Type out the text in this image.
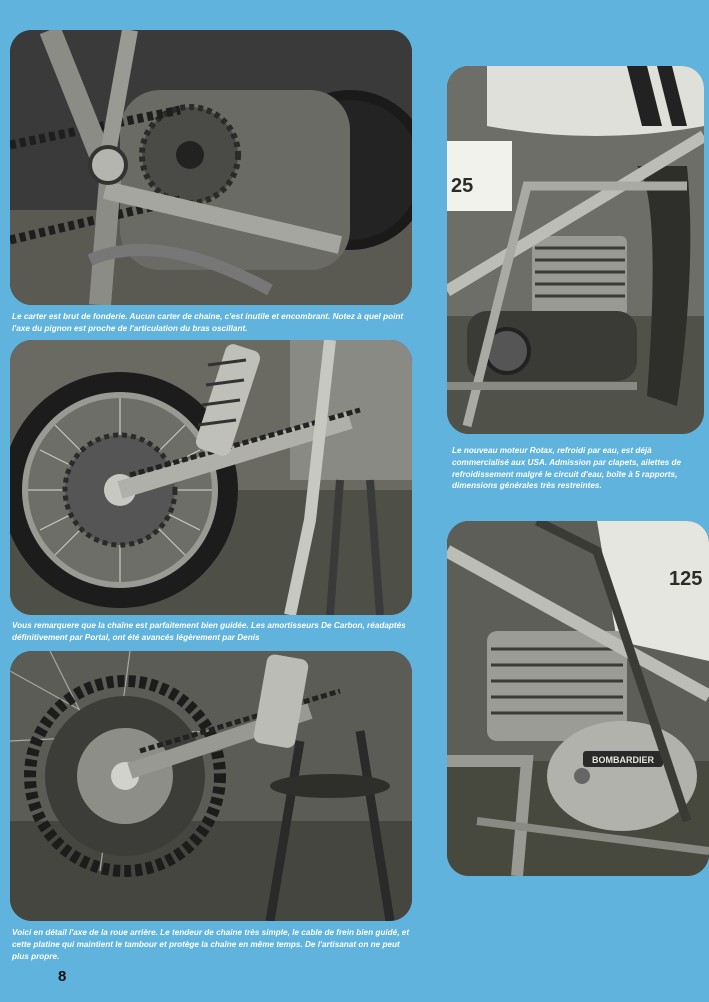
Le carter est brut de fonderie. Aucun carter de chaine, c'est inutile et encombrant. Notez à quel point l'axe du pignon est proche de l'articulation du bras oscillant.

Vous remarquere que la chaîne est parfaitement bien guidée. Les amortisseurs De Carbon, réadaptés définitivement par Portal, ont été avancés légèrement par Denis

Voici en détail l'axe de la roue arrière. Le tendeur de chaine très simple, le cable de frein bien guidé, et cette platine qui maintient le tambour et protège la chaîne en même temps. De l'artisanat on ne peut plus propre.

25

Le nouveau moteur Rotax, refroidi par eau, est déjà commercialisé aux USA. Admission par clapets, ailettes de refroidissement malgré le circuit d'eau, boîte à 5 rapports, dimensions générales très restreintes.

125
BOMBARDIER
8
